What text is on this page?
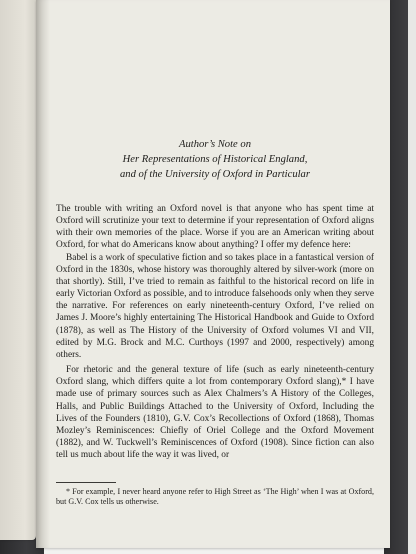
Author’s Note on
Her Representations of Historical England,
and of the University of Oxford in Particular

The trouble with writing an Oxford novel is that anyone who has spent time at Oxford will scrutinize your text to determine if your representation of Oxford aligns with their own memories of the place. Worse if you are an American writing about Oxford, for what do Americans know about anything? I offer my defence here:

Babel is a work of speculative fiction and so takes place in a fantastical version of Oxford in the 1830s, whose history was thoroughly altered by silver-work (more on that shortly). Still, I’ve tried to remain as faithful to the historical record on life in early Victorian Oxford as possible, and to introduce falsehoods only when they serve the narrative. For references on early nineteenth-century Oxford, I’ve relied on James J. Moore’s highly entertaining The Historical Handbook and Guide to Oxford (1878), as well as The History of the University of Oxford volumes VI and VII, edited by M.G. Brock and M.C. Curthoys (1997 and 2000, respectively) among others.

For rhetoric and the general texture of life (such as early nineteenth-century Oxford slang, which differs quite a lot from contemporary Oxford slang),* I have made use of primary sources such as Alex Chalmers’s A History of the Colleges, Halls, and Public Buildings Attached to the University of Oxford, Including the Lives of the Founders (1810), G.V. Cox’s Recollections of Oxford (1868), Thomas Mozley’s Reminiscences: Chiefly of Oriel College and the Oxford Movement (1882), and W. Tuckwell’s Reminiscences of Oxford (1908). Since fiction can also tell us much about life the way it was lived, or

* For example, I never heard anyone refer to High Street as ‘The High’ when I was at Oxford, but G.V. Cox tells us otherwise.
